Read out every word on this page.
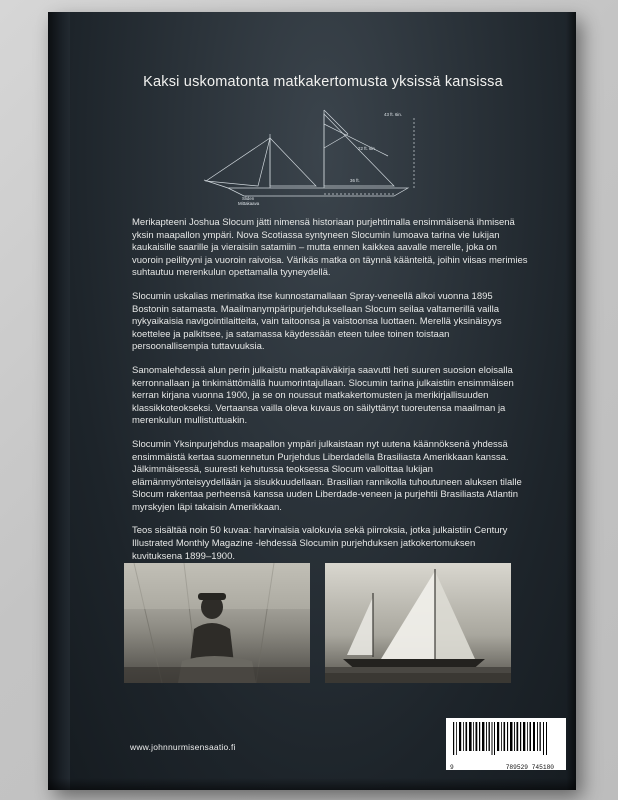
Kaksi uskomatonta matkakertomusta yksissä kansissa
43 ft. 6in.
22 ft. 6in.
36 ft.
Sliden
Mittakaava

Merikapteeni Joshua Slocum jätti nimensä historiaan purjehtimalla ensimmäisenä ihmisenä yksin maapallon ympäri. Nova Scotiassa syntyneen Slocumin lumoava tarina vie lukijan kaukaisille saarille ja vieraisiin satamiin – mutta ennen kaikkea aavalle merelle, joka on vuoroin peilityyni ja vuoroin raivoisa. Värikäs matka on täynnä käänteitä, joihin viisas merimies suhtautuu merenkulun opettamalla tyyneydellä.

Slocumin uskalias merimatka itse kunnostamallaan Spray-veneellä alkoi vuonna 1895 Bostonin satamasta. Maailmanympäripurjehduksellaan Slocum seilaa valtamerillä vailla nykyaikaisia navigointilaitteita, vain taitoonsa ja vaistoonsa luottaen. Merellä yksinäisyys koettelee ja palkitsee, ja satamassa käydessään eteen tulee toinen toistaan persoonallisempia tuttavuuksia.

Sanomalehdessä alun perin julkaistu matkapäiväkirja saavutti heti suuren suosion eloisalla kerronnallaan ja tinkimättömällä huumorintajullaan. Slocumin tarina julkaistiin ensimmäisen kerran kirjana vuonna 1900, ja se on noussut matkakertomusten ja merikirjallisuuden klassikkoteokseksi. Vertaansa vailla oleva kuvaus on säilyttänyt tuoreutensa maailman ja merenkulun mullistuttuakin.

Slocumin Yksinpurjehdus maapallon ympäri julkaistaan nyt uutena käännöksenä yhdessä ensimmäistä kertaa suomennetun Purjehdus Liberdadella Brasiliasta Amerikkaan kanssa. Jälkimmäisessä, suuresti kehutussa teoksessa Slocum valloittaa lukijan elämänmyönteisyydellään ja sisukkuudellaan. Brasilian rannikolla tuhoutuneen aluksen tilalle Slocum rakentaa perheensä kanssa uuden Liberdade-veneen ja purjehtii Brasiliasta Atlantin myrskyjen läpi takaisin Amerikkaan.

Teos sisältää noin 50 kuvaa: harvinaisia valokuvia sekä piirroksia, jotka julkaistiin Century Illustrated Monthly Magazine -lehdessä Slocumin purjehduksen jatkokertomuksen kuvituksena 1899–1900.

www.johnnurmisensaatio.fi
9	789529 745180
